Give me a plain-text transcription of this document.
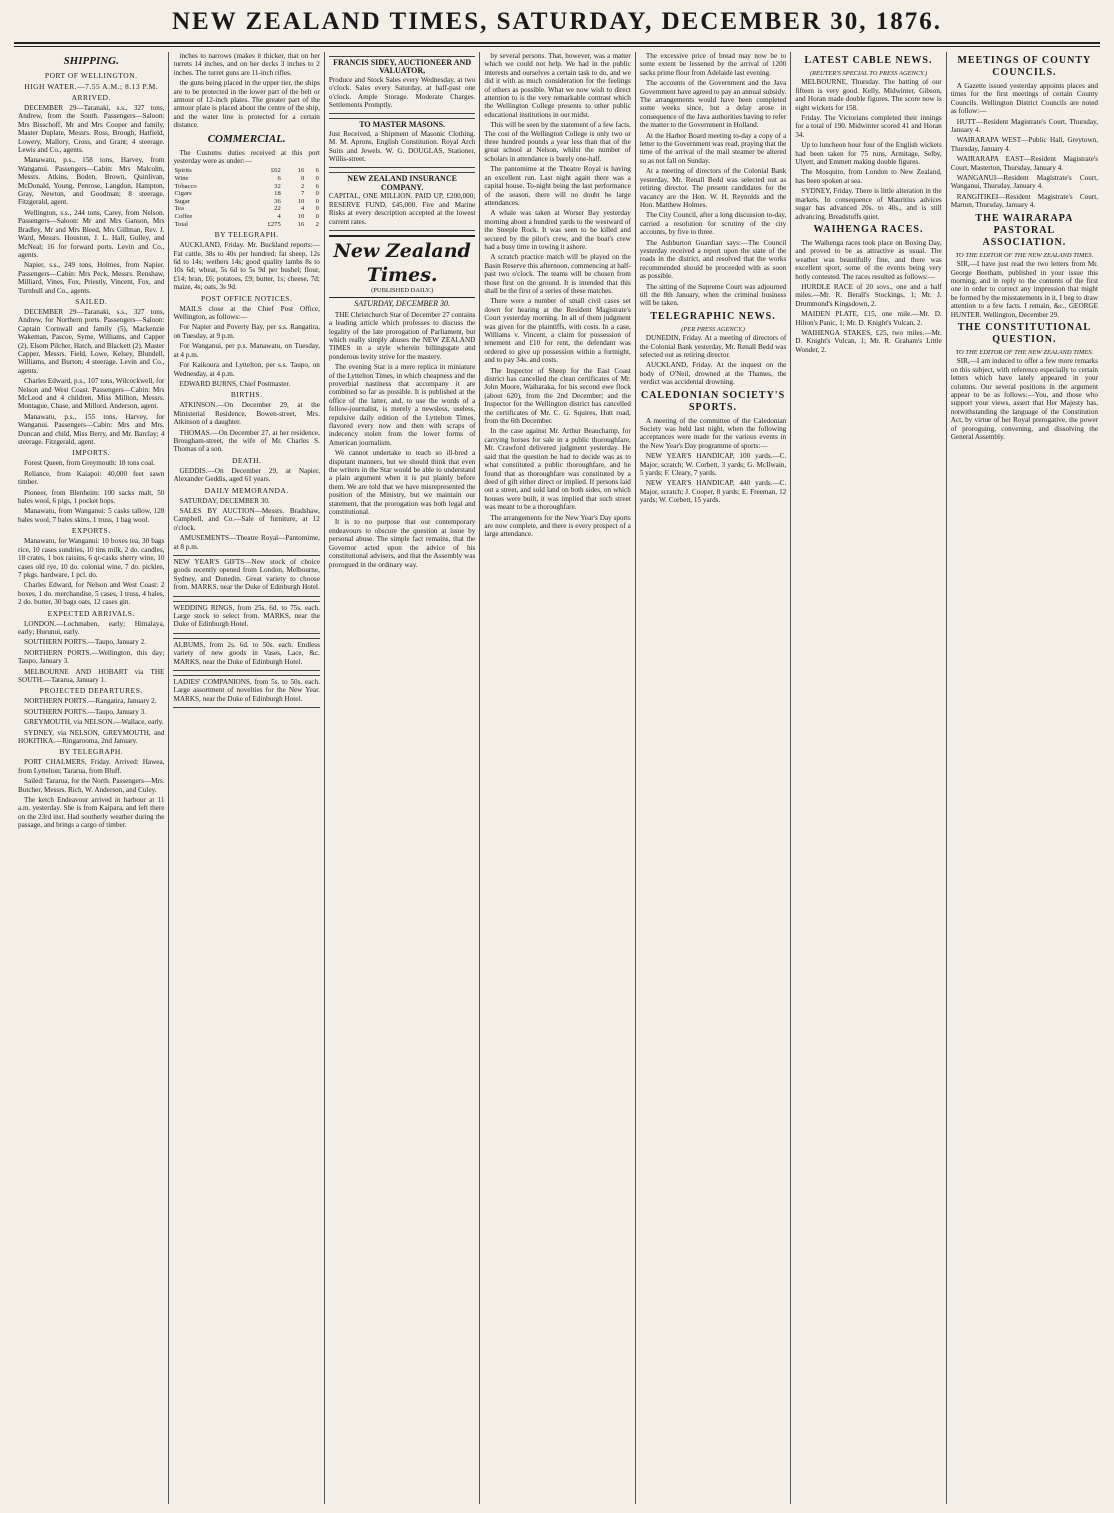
NEW ZEALAND TIMES, SATURDAY, DECEMBER 30, 1876.
SHIPPING.
PORT OF WELLINGTON.
HIGH WATER.—7.55 A.M.; 8.13 P.M.
ARRIVED.

DECEMBER 29—Taranaki, s.s., 327 tons, Andrew, from the South. Passengers—Saloon: Mrs Bisschoff, Mr and Mrs Cooper and family, Master Duplate, Messrs. Ross, Brough, Hatfield, Lowery, Mallory, Cross, and Grant; 4 steerage. Lewis and Co., agents.

Manawatu, p.s., 158 tons, Harvey, from Wanganui. Passengers—Cabin: Mrs Malcolm, Messrs. Atkins, Boden, Brown, Quinlivan, McDonald, Young, Penrose, Langdon, Hampton, Gray, Newton, and Goodman; 8 steerage. Fitzgerald, agent.

Wellington, s.s., 244 tons, Carey, from Nelson. Passengers—Saloon: Mr and Mrs Ganson, Mrs Bradley, Mr and Mrs Bleed, Mrs Gillman, Rev. J. Ward, Messrs. Houston, J. L. Hall, Gulley, and McNeal; 16 for forward ports. Levin and Co., agents.

Napier, s.s., 249 tons, Holmes, from Napier. Passengers—Cabin: Mrs Peck, Messrs. Renshaw, Milliard, Vines, Fox, Priestly, Vincent, Fox, and Turnbull and Co., agents.

SAILED.

DECEMBER 29—Taranaki, s.s., 327 tons, Andrew, for Northern ports. Passengers—Saloon: Captain Cornwall and family (5), Mackenzie Wakeman, Pascoe, Syme, Williams, and Capper (2), Elsom Pilcher, Hatch, and Blackett (2). Master Capper, Messrs. Field, Lowe, Kelsey, Blundell, Williams, and Burton; 4 steerage. Levin and Co., agents.

Charles Edward, p.s., 107 tons, Wilcockwell, for Nelson and West Coast. Passengers—Cabin: Mrs McLeod and 4 children, Miss Millton, Messrs. Montague, Chase, and Millord. Anderson, agent.

Manawatu, p.s., 155 tons, Harvey, for Wanganui. Passengers—Cabin: Mrs and Mrs. Duncan and child, Miss Berry, and Mr. Barclay; 4 steerage. Fitzgerald, agent.

IMPORTS.

Forest Queen, from Greymouth: 18 tons coal.

Reliance, from Kaiapoi: 40,000 feet sawn timber.

Pioneer, from Blenheim: 100 sacks malt, 50 bales wool, 6 pigs, 1 pocket hops.

Manawatu, from Wanganui: 5 casks tallow, 128 bales wool, 7 bales skins, 1 truss, 1 bag wool.

EXPORTS.

Manawatu, for Wanganui: 10 boxes tea, 30 bags rice, 10 cases sundries, 10 tins milk, 2 do. candles, 18 crates, 1 box raisins, 6 qr-casks sherry wine, 10 cases old rye, 10 do. colonial wine, 7 do. pickles, 7 pkgs. hardware, 1 pcl. do.

Charles Edward, for Nelson and West Coast: 2 boxes, 1 do. merchandise, 5 cases, 1 truss, 4 bales, 2 do. butter, 30 bags oats, 12 cases gin.

EXPECTED ARRIVALS.

LONDON.—Lochmaben, early; Himalaya, early; Hurunui, early.

SOUTHERN PORTS.—Taupo, January 2.

NORTHERN PORTS.—Wellington, this day; Taupo, January 3.

MELBOURNE AND HOBART via THE SOUTH.—Tararua, January 1.

PROJECTED DEPARTURES.

NORTHERN PORTS.—Rangatira, January 2.

SOUTHERN PORTS.—Taupo, January 3.

GREYMOUTH, via NELSON.—Wallace, early.

SYDNEY, via NELSON, GREYMOUTH, and HOKITIKA.—Ringarooma, 2nd January.

BY TELEGRAPH.

PORT CHALMERS, Friday. Arrived: Hawea, from Lyttelton; Tararua, from Bluff.

Sailed: Tararua, for the North. Passengers—Mrs. Butcher, Messrs. Rich, W. Anderson, and Culey.

The ketch Endeavour arrived in harbour at 11 a.m. yesterday. She is from Kaipara, and left there on the 23rd inst. Had southerly weather during the passage, and brings a cargo of timber.

inches to narrows (makes it thicker, that on her turrets 14 inches, and on her decks 3 inches to 2 inches. The turret guns are 11-inch rifles.

the guns being placed in the upper tier, the ships are to be protected in the lower part of the belt or armour of 12-inch plates. The greater part of the armour plate is placed about the centre of the ship, and the water line is protected for a certain distance.

COMMERCIAL.

The Customs duties received at this port yesterday were as under:—

Spirits	£62	16	6
Wine	6	0	0
Tobacco	32	2	6
Cigars	18	7	0
Sugar	36	10	0
Tea	22	4	0
Coffee	4	10	0
Total	£275	16	2
BY TELEGRAPH.

AUCKLAND, Friday. Mr. Buckland reports:—Fat cattle, 38s to 40s per hundred; fat sheep, 12s 6d to 14s; wethers 14s; good quality lambs 8s to 10s 6d; wheat, 5s 6d to 5s 9d per bushel; flour, £14; bran, £6; potatoes, £9; butter, 1s; cheese, 7d; maize, 4s; oats, 3s 9d.

POST OFFICE NOTICES.

MAILS close at the Chief Post Office, Wellington, as follows:—

For Napier and Poverty Bay, per s.s. Rangatira, on Tuesday, at 9 p.m.

For Wanganui, per p.s. Manawatu, on Tuesday, at 4 p.m.

For Kaikoura and Lyttelton, per s.s. Taupo, on Wednesday, at 4 p.m.

EDWARD BURNS, Chief Postmaster.

BIRTHS.

ATKINSON.—On December 29, at the Ministerial Residence, Bowen-street, Mrs. Atkinson of a daughter.

THOMAS.—On December 27, at her residence, Brougham-street, the wife of Mr. Charles S. Thomas of a son.

DEATH.

GEDDIS.—On December 29, at Napier, Alexander Geddis, aged 61 years.

DAILY MEMORANDA.

SATURDAY, DECEMBER 30.

SALES BY AUCTION—Messrs. Bradshaw, Campbell, and Co.—Sale of furniture, at 12 o'clock.

AMUSEMENTS—Theatre Royal—Pantomime, at 8 p.m.

NEW YEAR'S GIFTS—New stock of choice goods recently opened from London, Melbourne, Sydney, and Dunedin. Great variety to choose from. MARKS, near the Duke of Edinburgh Hotel.

WEDDING RINGS, from 25s. 6d. to 75s. each. Large stock to select from. MARKS, near the Duke of Edinburgh Hotel.

ALBUMS, from 2s. 6d. to 50s. each. Endless variety of new goods in Vases, Lace, &c. MARKS, near the Duke of Edinburgh Hotel.

LADIES' COMPANIONS, from 5s. to 50s. each. Large assortment of novelties for the New Year. MARKS, near the Duke of Edinburgh Hotel.

FRANCIS SIDEY, AUCTIONEER AND VALUATOR,

Produce and Stock Sales every Wednesday, at two o'clock. Sales every Saturday, at half-past one o'clock. Ample Storage. Moderate Charges. Settlements Promptly.

TO MASTER MASONS.

Just Received, a Shipment of Masonic Clothing. M. M. Aprons, English Constitution. Royal Arch Suits and Jewels. W. G. DOUGLAS, Stationer, Willis-street.

NEW ZEALAND INSURANCE COMPANY.

CAPITAL, ONE MILLION. PAID UP, £200,000; RESERVE FUND, £45,000. Fire and Marine Risks at every description accepted at the lowest current rates.

New Zealand Times.
(PUBLISHED DAILY.)
SATURDAY, DECEMBER 30.

THE Christchurch Star of December 27 contains a leading article which professes to discuss the legality of the late prorogation of Parliament, but which really simply abuses the NEW ZEALAND TIMES in a style wherein billingsgate and ponderous levity strive for the mastery.

The evening Star is a mere replica in miniature of the Lyttelton Times, in which cheapness and the proverbial nastiness that accompany it are combined so far as possible. It is published at the office of the latter, and, to use the words of a fellow-journalist, is merely a newsless, useless, repulsive daily edition of the Lyttelton Times, flavored every now and then with scraps of indecency stolen from the lower forms of American journalism.

We cannot undertake to teach so ill-bred a disputant manners, but we should think that even the writers in the Star would be able to understand a plain argument when it is put plainly before them. We are told that we have misrepresented the position of the Ministry, but we maintain our statement, that the prorogation was both legal and constitutional.

It is to no purpose that our contemporary endeavours to obscure the question at issue by personal abuse. The simple fact remains, that the Governor acted upon the advice of his constitutional advisers, and that the Assembly was prorogued in the ordinary way.

by several persons. That, however, was a matter which we could not help. We had in the public interests and ourselves a certain task to do, and we did it with as much consideration for the feelings of others as possible. What we now wish to direct attention to is the very remarkable contrast which the Wellington College presents to other public educational institutions in our midst.

This will be seen by the statement of a few facts. The cost of the Wellington College is only two or three hundred pounds a year less than that of the great school at Nelson, whilst the number of scholars in attendance is barely one-half.

The pantomime at the Theatre Royal is having an excellent run. Last night again there was a capital house. To-night being the last performance of the season, there will no doubt be large attendances.

A whale was taken at Worser Bay yesterday morning about a hundred yards to the westward of the Steeple Rock. It was seen to be killed and secured by the pilot's crew, and the boat's crew had a busy time in towing it ashore.

A scratch practice match will be played on the Basin Reserve this afternoon, commencing at half-past two o'clock. The teams will be chosen from those first on the ground. It is intended that this shall be the first of a series of these matches.

There were a number of small civil cases set down for hearing at the Resident Magistrate's Court yesterday morning. In all of them judgment was given for the plaintiffs, with costs. In a case, Williams v. Vincent, a claim for possession of tenement and £10 for rent, the defendant was ordered to give up possession within a fortnight, and to pay 34s. and costs.

The Inspector of Sheep for the East Coast district has cancelled the clean certificates of Mr. John Moore, Waiharaka, for his second ewe flock (about 620), from the 2nd December; and the Inspector for the Wellington district has cancelled the certificates of Mr. C. G. Squires, Hutt road, from the 6th December.

In the case against Mr. Arthur Beauchamp, for carrying horses for sale in a public thoroughfare, Mr. Crawford delivered judgment yesterday. He said that the question he had to decide was as to what constituted a public thoroughfare, and he found that as thoroughfare was constituted by a deed of gift either direct or implied. If persons laid out a street, and sold land on both sides, on which houses were built, it was implied that such street was meant to be a thoroughfare.

The arrangements for the New Year's Day sports are now complete, and there is every prospect of a large attendance.

The excessive price of bread may now be to some extent be lessened by the arrival of 1200 sacks prime flour from Adelaide last evening.

The accounts of the Government and the Java Government have agreed to pay an annual subsidy. The arrangements would have been completed some weeks since, but a delay arose in consequence of the Java authorities having to refer the matter to the Government in Holland.

At the Harbor Board meeting to-day a copy of a letter to the Government was read, praying that the time of the arrival of the mail steamer be altered so as not fall on Sunday.

At a meeting of directors of the Colonial Bank yesterday, Mr. Renall Bedd was selected out as retiring director. The present candidates for the vacancy are the Hon. W. H. Reynolds and the Hon. Matthew Holmes.

The City Council, after a long discussion to-day, carried a resolution for scrutiny of the city accounts, by five to three.

The Ashburton Guardian says:—The Council yesterday received a report upon the state of the roads in the district, and resolved that the works recommended should be proceeded with as soon as possible.

The sitting of the Supreme Court was adjourned till the 8th January, when the criminal business will be taken.

TELEGRAPHIC NEWS.
(PER PRESS AGENCY.)

DUNEDIN, Friday. At a meeting of directors of the Colonial Bank yesterday, Mr. Renall Bedd was selected out as retiring director.

AUCKLAND, Friday. At the inquest on the body of O'Neil, drowned at the Thames, the verdict was accidental drowning.

CALEDONIAN SOCIETY'S SPORTS.

A meeting of the committee of the Caledonian Society was held last night, when the following acceptances were made for the various events in the New Year's Day programme of sports:—

NEW YEAR'S HANDICAP, 100 yards.—C. Major, scratch; W. Corbett, 3 yards; G. McIlwain, 5 yards; F. Cleary, 7 yards.

NEW YEAR'S HANDICAP, 440 yards.—C. Major, scratch; J. Cooper, 8 yards; E. Freeman, 12 yards; W. Corbett, 15 yards.

LATEST CABLE NEWS.
(REUTER'S SPECIAL TO PRESS AGENCY.)

MELBOURNE, Thursday. The batting of our fifteen is very good. Kelly, Midwinter, Gibson, and Horan made double figures. The score now is eight wickets for 158.

Friday. The Victorians completed their innings for a total of 190. Midwinter scored 41 and Horan 34.

Up to luncheon hour four of the English wickets had been taken for 75 runs, Armitage, Selby, Ulyett, and Emmett making double figures.

The Mosquito, from London to New Zealand, has been spoken at sea.

SYDNEY, Friday. There is little alteration in the markets. In consequence of Mauritius advices sugar has advanced 20s. to 40s., and is still advancing. Breadstuffs quiet.

WAIHENGA RACES.

The Waihenga races took place on Boxing Day, and proved to be as attractive as usual. The weather was beautifully fine, and there was excellent sport, some of the events being very hotly contested. The races resulted as follows:—

HURDLE RACE of 20 sovs., one and a half miles.—Mr. R. Berall's Stockings, 1; Mr. J. Drummond's Kingsdown, 2.

MAIDEN PLATE, £15, one mile.—Mr. D. Hilton's Panic, 1; Mr. D. Knight's Vulcan, 2.

WAIHENGA STAKES, £25, two miles.—Mr. D. Knight's Vulcan, 1; Mr. R. Graham's Little Wonder, 2.

MEETINGS OF COUNTY COUNCILS.

A Gazette issued yesterday appoints places and times for the first meetings of certain County Councils. Wellington District Councils are noted as follow:—

HUTT—Resident Magistrate's Court, Thursday, January 4.

WAIRARAPA WEST—Public Hall, Greytown, Thursday, January 4.

WAIRARAPA EAST—Resident Magistrate's Court, Masterton, Thursday, January 4.

WANGANUI—Resident Magistrate's Court, Wanganui, Thursday, January 4.

RANGITIKEI—Resident Magistrate's Court, Marton, Thursday, January 4.

THE WAIRARAPA PASTORAL ASSOCIATION.
TO THE EDITOR OF THE NEW ZEALAND TIMES.

SIR,—I have just read the two letters from Mr. George Beetham, published in your issue this morning, and in reply to the contents of the first one in order to correct any impression that might be formed by the misstatements in it, I beg to draw attention to a few facts. I remain, &c., GEORGE HUNTER. Wellington, December 29.

THE CONSTITUTIONAL QUESTION.
TO THE EDITOR OF THE NEW ZEALAND TIMES.

SIR,—I am induced to offer a few more remarks on this subject, with reference especially to certain letters which have lately appeared in your columns. Our several positions in the argument appear to be as follows:—You, and those who support your views, assert that Her Majesty has, notwithstanding the language of the Constitution Act, by virtue of her Royal prerogative, the power of proroguing, convening, and dissolving the General Assembly.
